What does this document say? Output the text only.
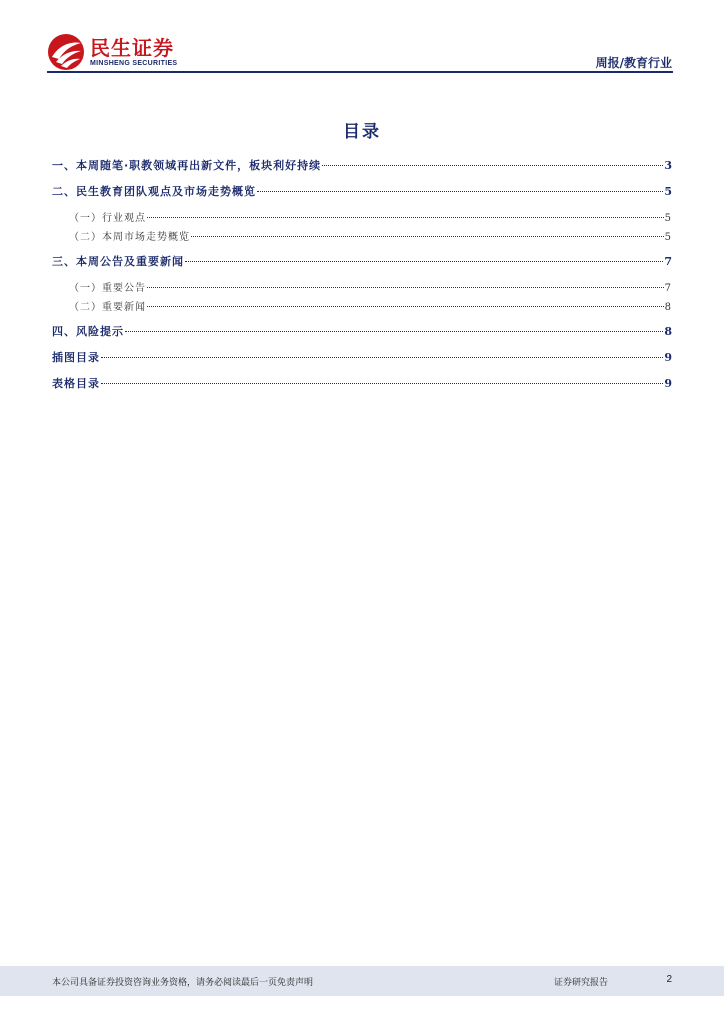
民生证券
MINSHENG SECURITIES	周报/教育行业
目录
一、本周随笔·职教领域再出新文件，板块利好持续	3
二、民生教育团队观点及市场走势概览	5
（一）行业观点	5
（二）本周市场走势概览	5
三、本周公告及重要新闻	7
（一）重要公告	7
（二）重要新闻	8
四、风险提示	8
插图目录	9
表格目录	9
本公司具备证券投资咨询业务资格，请务必阅读最后一页免责声明	证券研究报告	2
